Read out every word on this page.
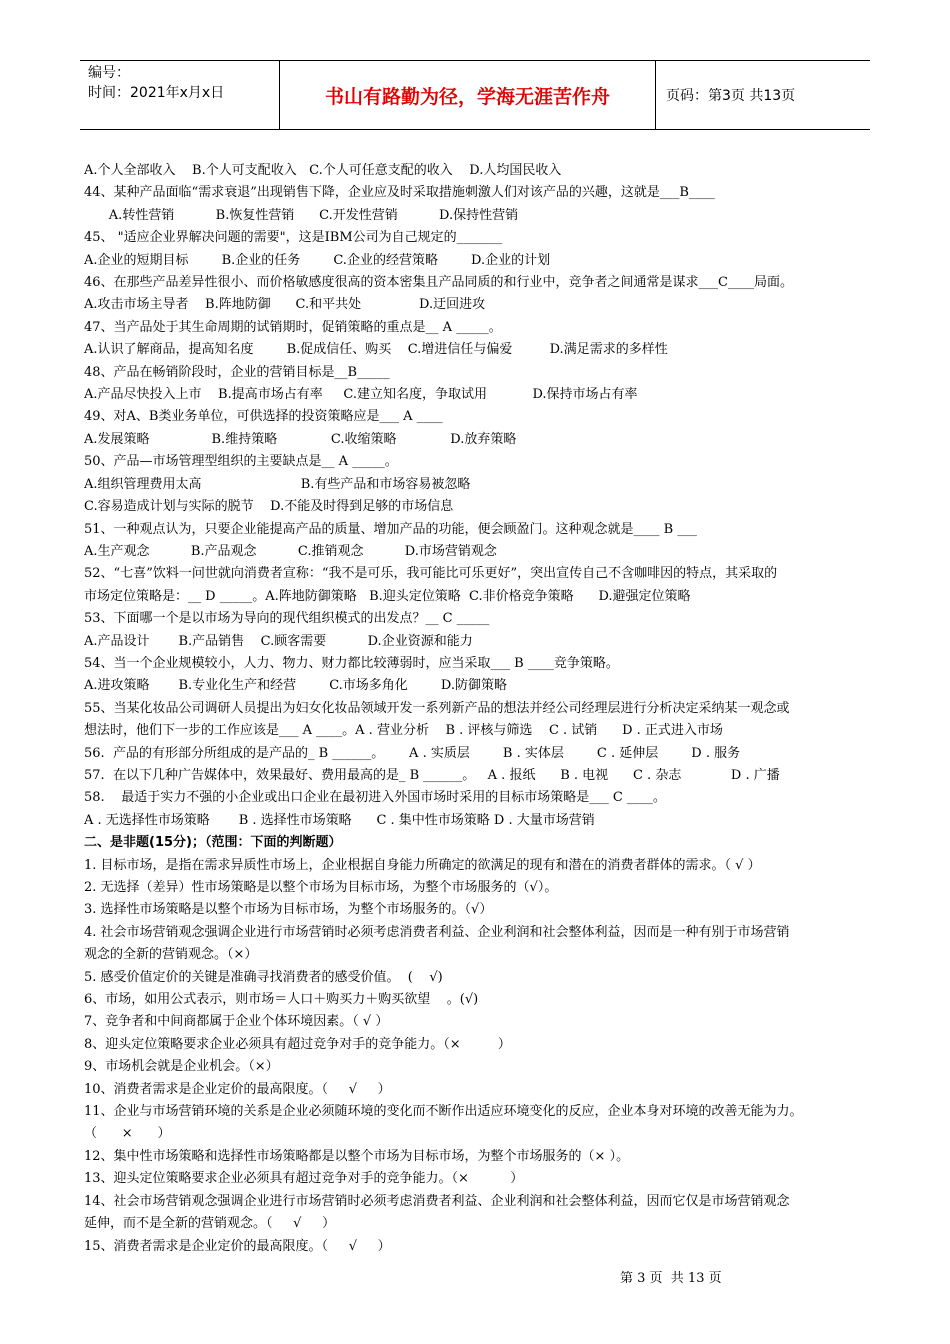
编号：
时间：2021年x月x日	书山有路勤为径，学海无涯苦作舟	页码：第3页 共13页
A.个人全部收入    B.个人可支配收入   C.个人可任意支配的收入    D.人均国民收入
44、某种产品面临“需求衰退”出现销售下降，企业应及时采取措施刺激人们对该产品的兴趣，这就是___B____
A.转性营销          B.恢复性营销      C.开发性营销          D.保持性营销
45、 "适应企业界解决问题的需要"，这是IBM公司为自己规定的_______
A.企业的短期目标        B.企业的任务        C.企业的经营策略        D.企业的计划
46、在那些产品差异性很小、而价格敏感度很高的资本密集且产品同质的和行业中，竞争者之间通常是谋求___C____局面。
A.攻击市场主导者    B.阵地防御      C.和平共处              D.迂回进攻
47、当产品处于其生命周期的试销期时，促销策略的重点是__ A _____。
A.认识了解商品，提高知名度        B.促成信任、购买    C.增进信任与偏爱         D.满足需求的多样性
48、产品在畅销阶段时，企业的营销目标是__B_____
A.产品尽快投入上市    B.提高市场占有率     C.建立知名度，争取试用           D.保持市场占有率
49、对A、B类业务单位，可供选择的投资策略应是___ A ____
A.发展策略               B.维持策略             C.收缩策略             D.放弃策略
50、产品—市场管理型组织的主要缺点是__ A _____。
A.组织管理费用太高                        B.有些产品和市场容易被忽略
C.容易造成计划与实际的脱节    D.不能及时得到足够的市场信息
51、一种观点认为，只要企业能提高产品的质量、增加产品的功能，便会顾盈门。这种观念就是____ B ___
A.生产观念          B.产品观念          C.推销观念          D.市场营销观念
52、“七喜”饮料一问世就向消费者宣称：“我不是可乐，我可能比可乐更好”，突出宣传自己不含咖啡因的特点，其采取的
市场定位策略是：__ D _____。A.阵地防御策略   B.迎头定位策略  C.非价格竞争策略      D.避强定位策略
53、下面哪一个是以市场为导向的现代组织模式的出发点？__ C _____
A.产品设计       B.产品销售    C.顾客需要          D.企业资源和能力
54、当一个企业规模较小，人力、物力、财力都比较薄弱时，应当采取___ B ____竞争策略。
A.进攻策略       B.专业化生产和经营        C.市场多角化        D.防御策略
55、当某化妆品公司调研人员提出为妇女化妆品领域开发一系列新产品的想法并经公司经理层进行分析决定采纳某一观念或
想法时，他们下一步的工作应该是___ A ____。A . 营业分析    B . 评核与筛选    C . 试销      D . 正式进入市场
56.  产品的有形部分所组成的是产品的_ B ______。      A . 实质层        B . 实体层        C . 延伸层        D . 服务
57.  在以下几种广告媒体中，效果最好、费用最高的是_ B ______。   A . 报纸      B . 电视      C . 杂志            D . 广播
58.    最适于实力不强的小企业或出口企业在最初进入外国市场时采用的目标市场策略是___ C ____。
A . 无选择性市场策略       B . 选择性市场策略      C . 集中性市场策略 D . 大量市场营销
二、是非题(15分)；（范围：下面的判断题）
1. 目标市场，是指在需求异质性市场上，企业根据自身能力所确定的欲满足的现有和潜在的消费者群体的需求。（ √ ）
2. 无选择（差异）性市场策略是以整个市场为目标市场，为整个市场服务的（√）。
3. 选择性市场策略是以整个市场为目标市场，为整个市场服务的。（√）
4. 社会市场营销观念强调企业进行市场营销时必须考虑消费者利益、企业利润和社会整体利益，因而是一种有别于市场营销
观念的全新的营销观念。（×）
5. 感受价值定价的关键是准确寻找消费者的感受价值。  (    √)
6、市场，如用公式表示，则市场＝人口＋购买力＋购买欲望    。(√)
7、竞争者和中间商都属于企业个体环境因素。（ √ ）
8、迎头定位策略要求企业必须具有超过竞争对手的竞争能力。（×         ）
9、市场机会就是企业机会。（×）
10、消费者需求是企业定价的最高限度。（     √     ）
11、企业与市场营销环境的关系是企业必须随环境的变化而不断作出适应环境变化的反应，企业本身对环境的改善无能为力。
（      ×      ）
12、集中性市场策略和选择性市场策略都是以整个市场为目标市场，为整个市场服务的（× ）。
13、迎头定位策略要求企业必须具有超过竞争对手的竞争能力。（×          ）
14、社会市场营销观念强调企业进行市场营销时必须考虑消费者利益、企业利润和社会整体利益，因而它仅是市场营销观念
延伸，而不是全新的营销观念。（     √     ）
15、消费者需求是企业定价的最高限度。（     √     ）
第 3 页  共 13 页
